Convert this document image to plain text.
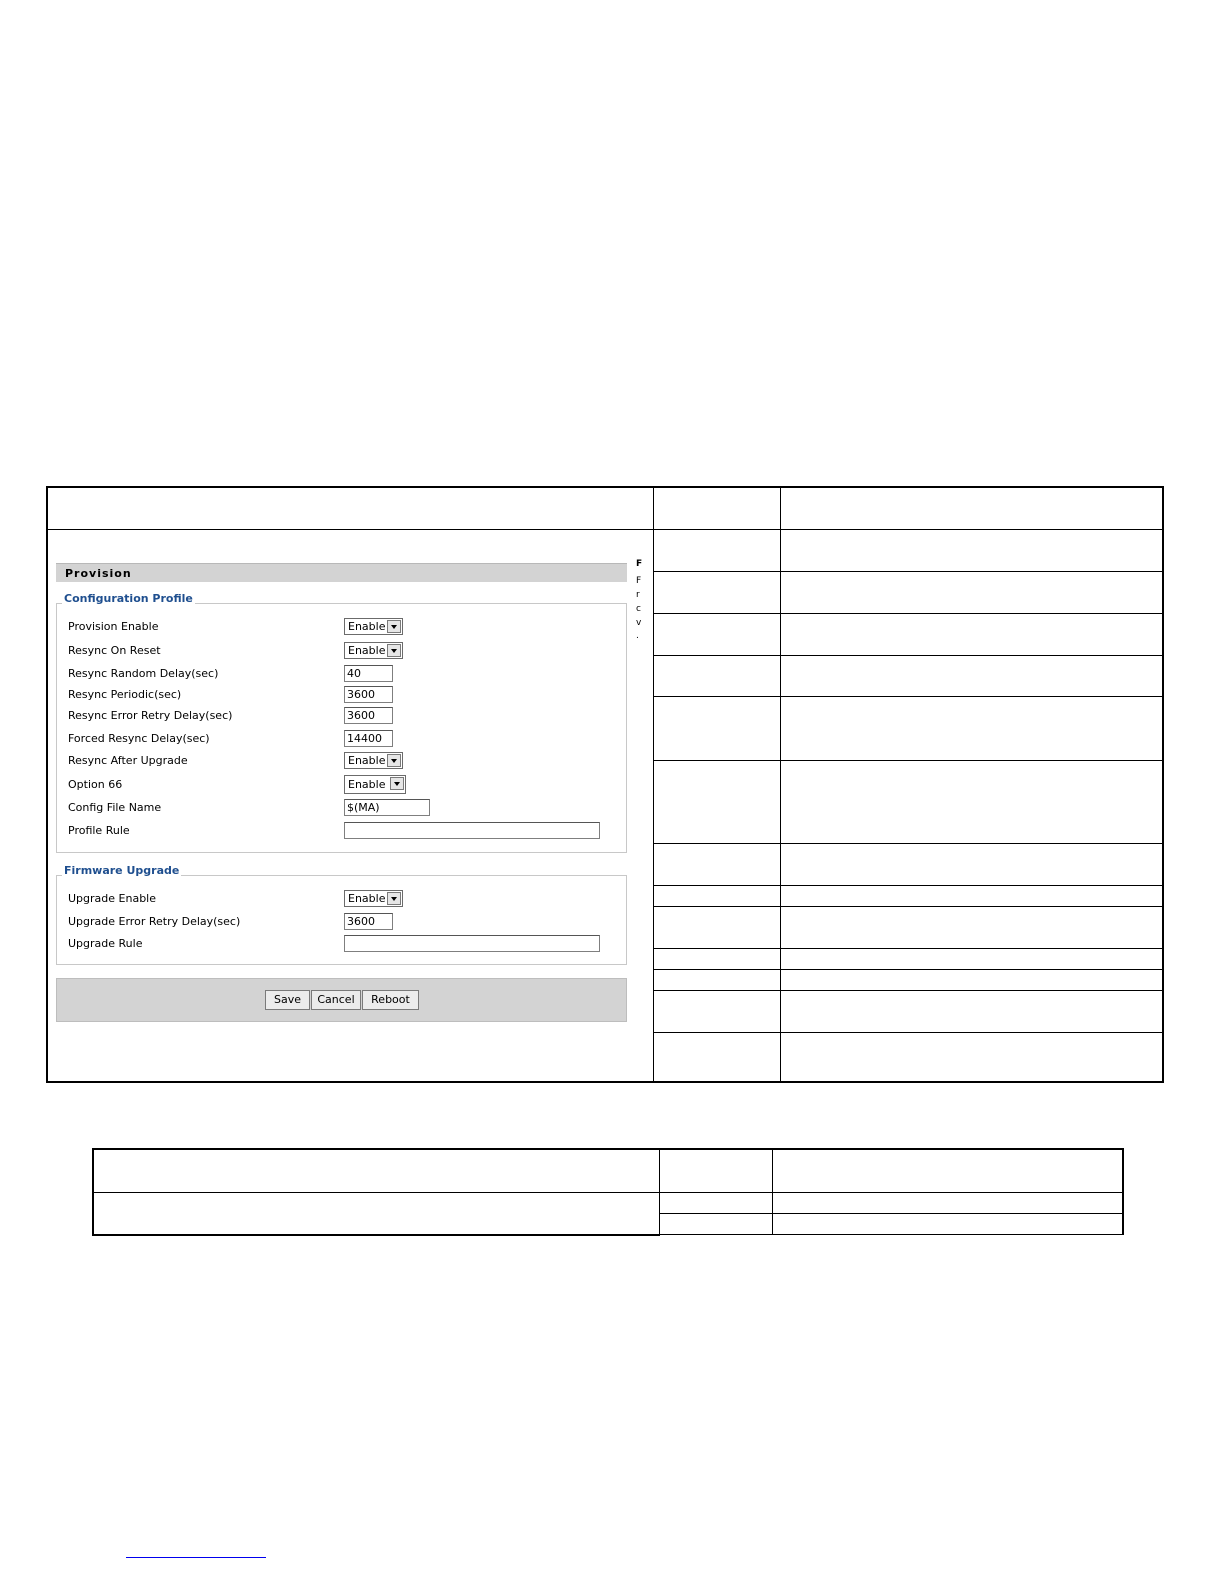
Provision
Configuration Profile
Provision Enable	Enable
Resync On Reset	Enable
Resync Random Delay(sec)	40
Resync Periodic(sec)	3600
Resync Error Retry Delay(sec)	3600
Forced Resync Delay(sec)	14400
Resync After Upgrade	Enable
Option 66	Enable
Config File Name	$(MA)
Profile Rule
Firmware Upgrade
Upgrade Enable	Enable
Upgrade Error Retry Delay(sec)	3600
Upgrade Rule
Save	Cancel	Reboot
F
F
r
c
v
.
